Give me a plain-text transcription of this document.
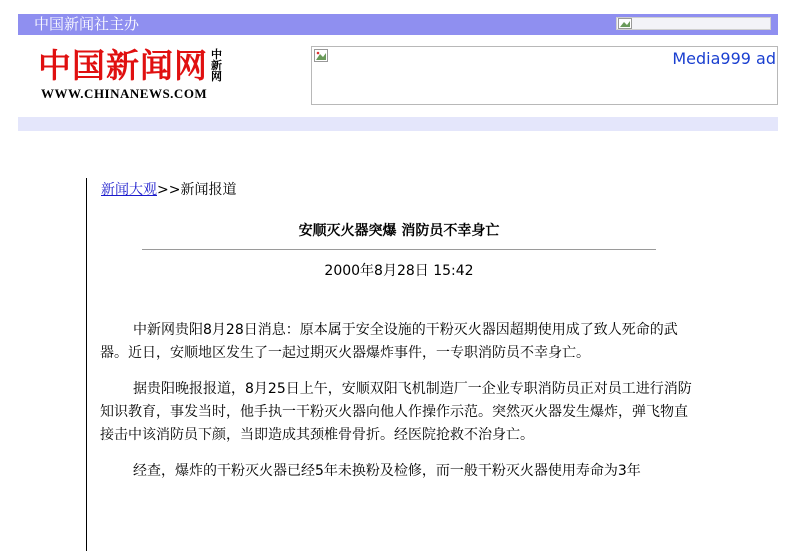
中国新闻社主办
中国新闻网 中新网
WWW.CHINANEWS.COM
Media999 ad
新闻大观>>新闻报道
安顺灭火器突爆 消防员不幸身亡
2000年8月28日 15:42

中新网贵阳8月28日消息：原本属于安全设施的干粉灭火器因超期使用成了致人死命的武器。近日，安顺地区发生了一起过期灭火器爆炸事件，一专职消防员不幸身亡。

据贵阳晚报报道，8月25日上午，安顺双阳飞机制造厂一企业专职消防员正对员工进行消防知识教育，事发当时，他手执一干粉灭火器向他人作操作示范。突然灭火器发生爆炸，弹飞物直接击中该消防员下颜，当即造成其颈椎骨骨折。经医院抢救不治身亡。

经查，爆炸的干粉灭火器已经5年未换粉及检修，而一般干粉灭火器使用寿命为3年
